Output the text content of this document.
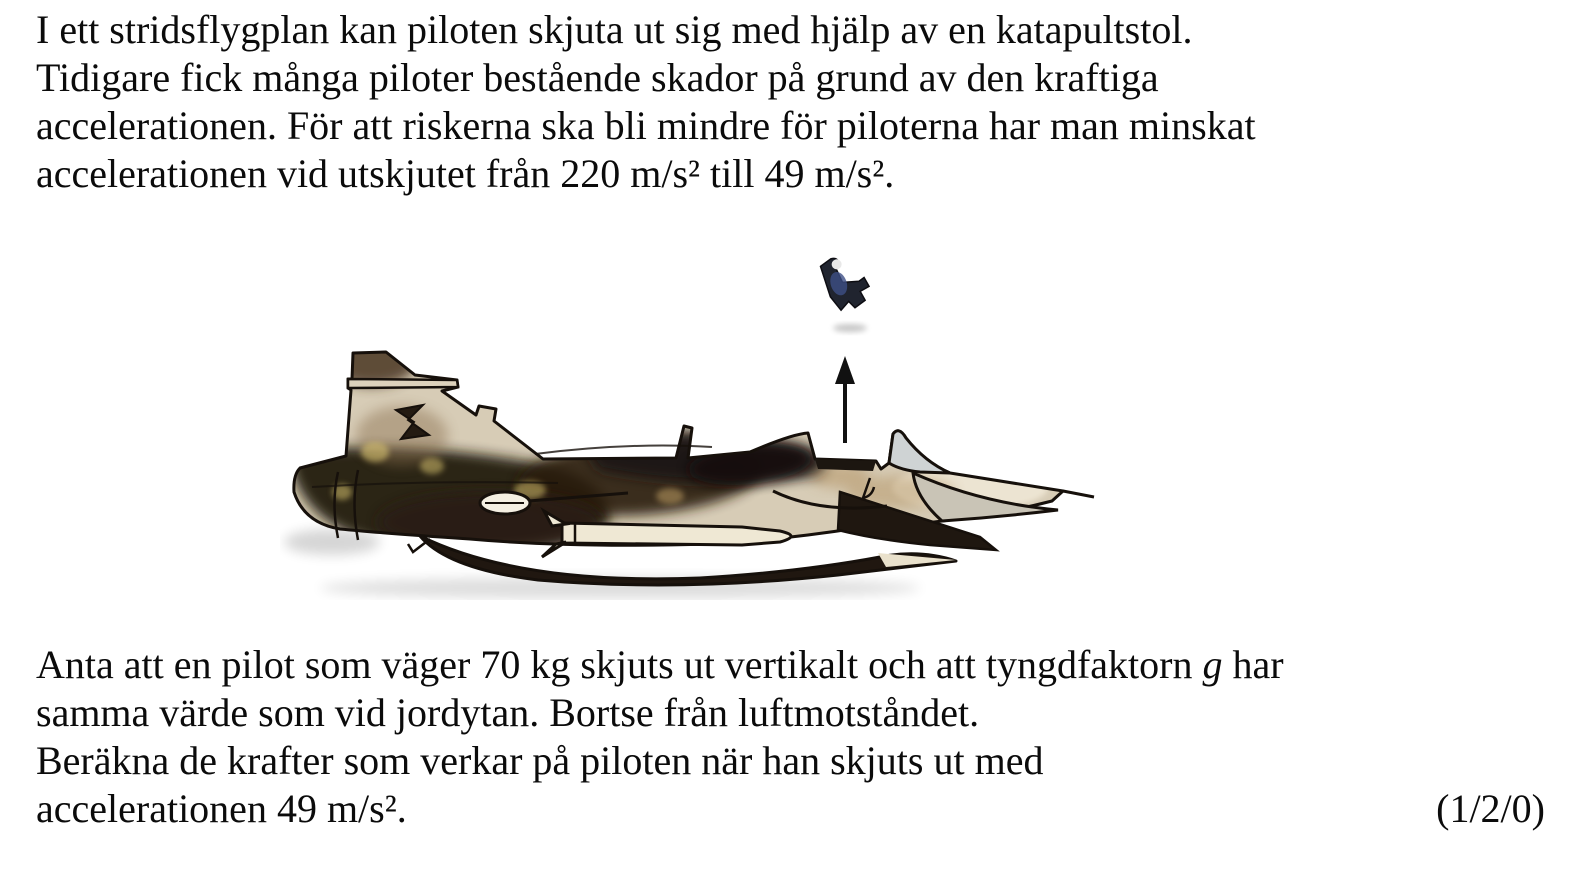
I ett stridsflygplan kan piloten skjuta ut sig med hjälp av en katapultstol.
Tidigare fick många piloter bestående skador på grund av den kraftiga
accelerationen. För att riskerna ska bli mindre för piloterna har man minskat
accelerationen vid utskjutet från 220 m/s² till 49 m/s².
Anta att en pilot som väger 70 kg skjuts ut vertikalt och att tyngdfaktorn g har
samma värde som vid jordytan. Bortse från luftmotståndet.
Beräkna de krafter som verkar på piloten när han skjuts ut med
accelerationen 49 m/s².	(1/2/0)
